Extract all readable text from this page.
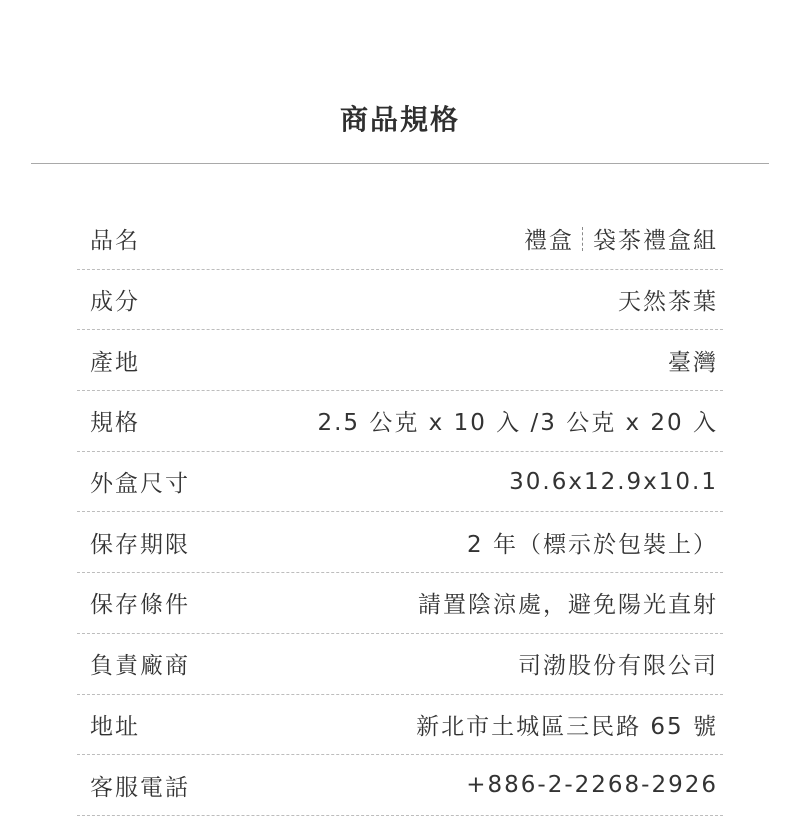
商品規格
品名	禮盒 袋茶禮盒組
成分	天然茶葉
產地	臺灣
規格	2.5 公克 x 10 入 /3 公克 x 20 入
外盒尺寸	30.6x12.9x10.1
保存期限	2 年（標示於包裝上）
保存條件	請置陰涼處，避免陽光直射
負責廠商	司渤股份有限公司
地址	新北市土城區三民路 65 號
客服電話	+886-2-2268-2926
